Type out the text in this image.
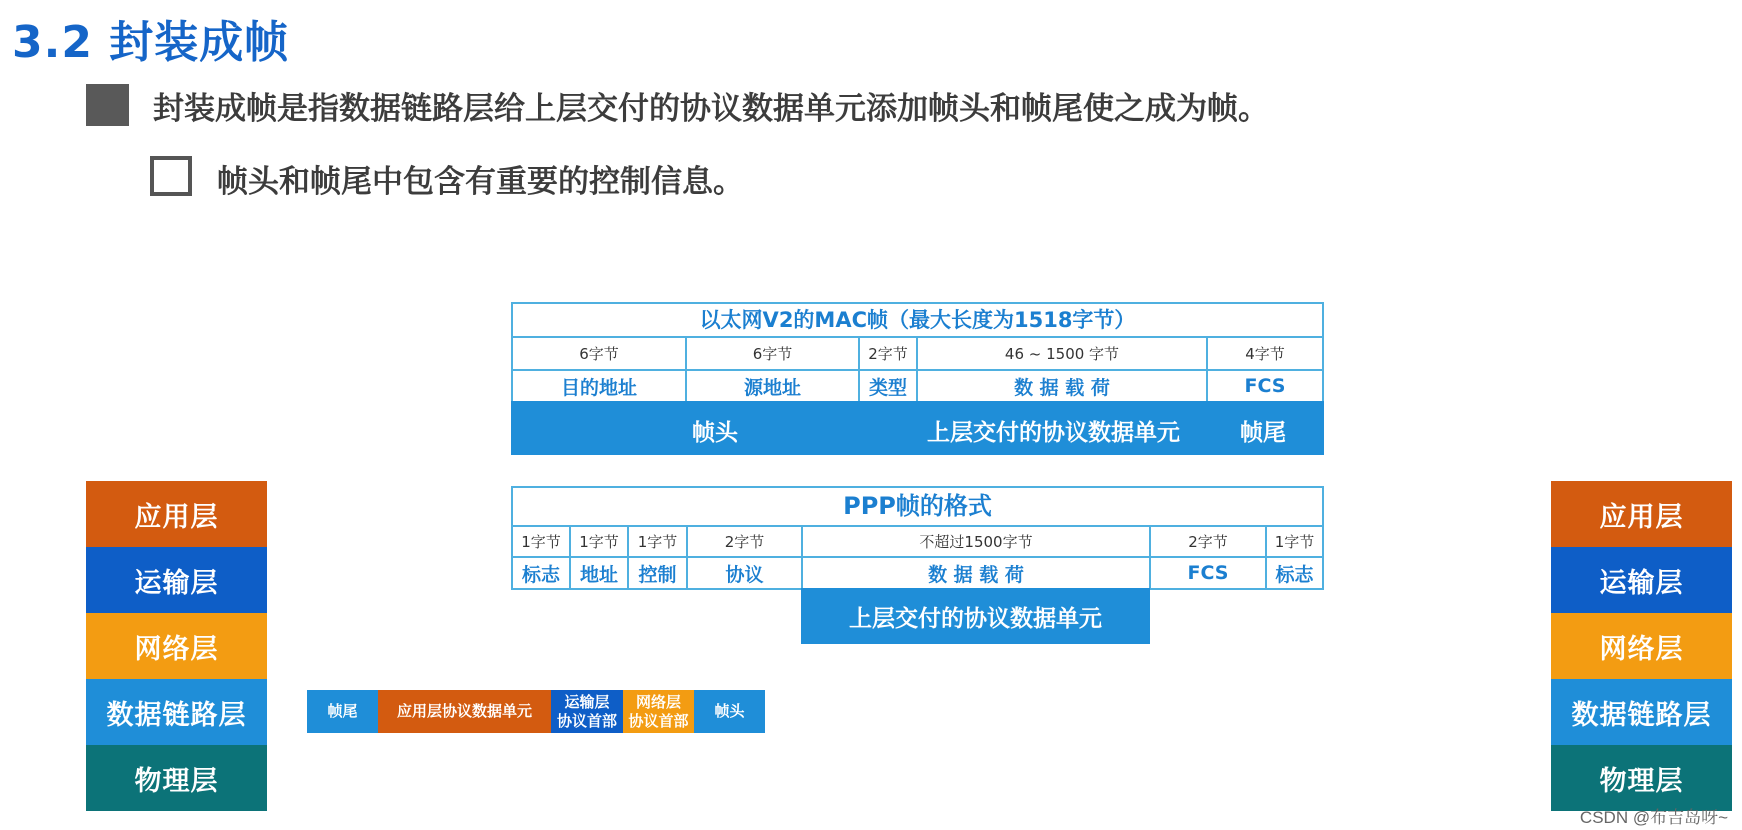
3.2 封装成帧
封装成帧是指数据链路层给上层交付的协议数据单元添加帧头和帧尾使之成为帧。
帧头和帧尾中包含有重要的控制信息。
应用层
运输层
网络层
数据链路层
物理层
应用层
运输层
网络层
数据链路层
物理层
以太网V2的MAC帧（最大长度为1518字节）
6字节	6字节	2字节	46 ~ 1500 字节	4字节
目的地址	源地址	类型	数 据 载 荷	FCS
帧头	上层交付的协议数据单元	帧尾
PPP帧的格式
1字节	1字节	1字节	2字节	不超过1500字节	2字节	1字节
标志	地址	控制	协议	数 据 载 荷	FCS	标志
上层交付的协议数据单元
帧尾	应用层协议数据单元
运输层
协议首部
网络层
协议首部
帧头
CSDN @布吉岛呀~
